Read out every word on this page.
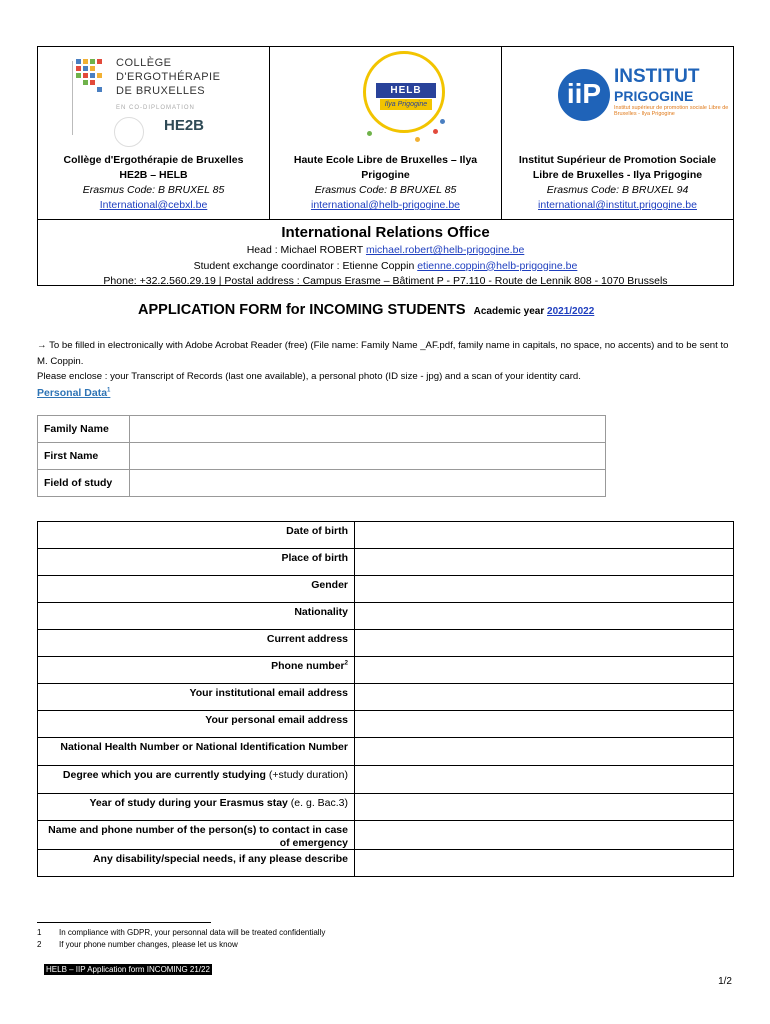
COLLÈGE
D'ERGOTHÉRAPIE
DE BRUXELLES
EN CO-DIPLOMATION
HE2B
Collège d'Ergothérapie de Bruxelles
HE2B – HELB
Erasmus Code: B BRUXEL 85
International@cebxl.be
HELB
Ilya Prigogine
Haute Ecole Libre de Bruxelles – Ilya
Prigogine
Erasmus Code: B BRUXEL 85
international@helb-prigogine.be
iiP
INSTITUT
PRIGOGINE
Institut supérieur de promotion sociale Libre de Bruxelles - Ilya Prigogine
Institut Supérieur de Promotion Sociale
Libre de Bruxelles - Ilya Prigogine
Erasmus Code: B BRUXEL 94
international@institut.prigogine.be
International Relations Office
Head : Michael ROBERT michael.robert@helb-prigogine.be
Student exchange coordinator : Etienne Coppin etienne.coppin@helb-prigogine.be
Phone: +32.2.560.29.19 | Postal address : Campus Erasme – Bâtiment P - P7.110 - Route de Lennik 808 - 1070 Brussels
APPLICATION FORM for INCOMING STUDENTS Academic year 2021/2022
→ To be filled in electronically with Adobe Acrobat Reader (free) (File name: Family Name _AF.pdf, family name in capitals, no space, no accents) and to be sent to M. Coppin.
Please enclose : your Transcript of Records (last one available), a personal photo (ID size - jpg) and a scan of your identity card.
Personal Data$^1$
Family Name	
First Name	
Field of study	
Date of birth	
Place of birth	
Gender	
Nationality	
Current address	
Phone number$^2$	
Your institutional email address	
Your personal email address	
National Health Number or National Identification Number	
Degree which you are currently studying (+study duration)	
Year of study during your Erasmus stay (e. g. Bac.3)	
Name and phone number of the person(s) to contact in case of emergency	
Any disability/special needs, if any please describe	
1 In compliance with GDPR, your personnal data will be treated confidentially
2 If your phone number changes, please let us know
HELB – IIP Application form INCOMING 21/22
1/2
